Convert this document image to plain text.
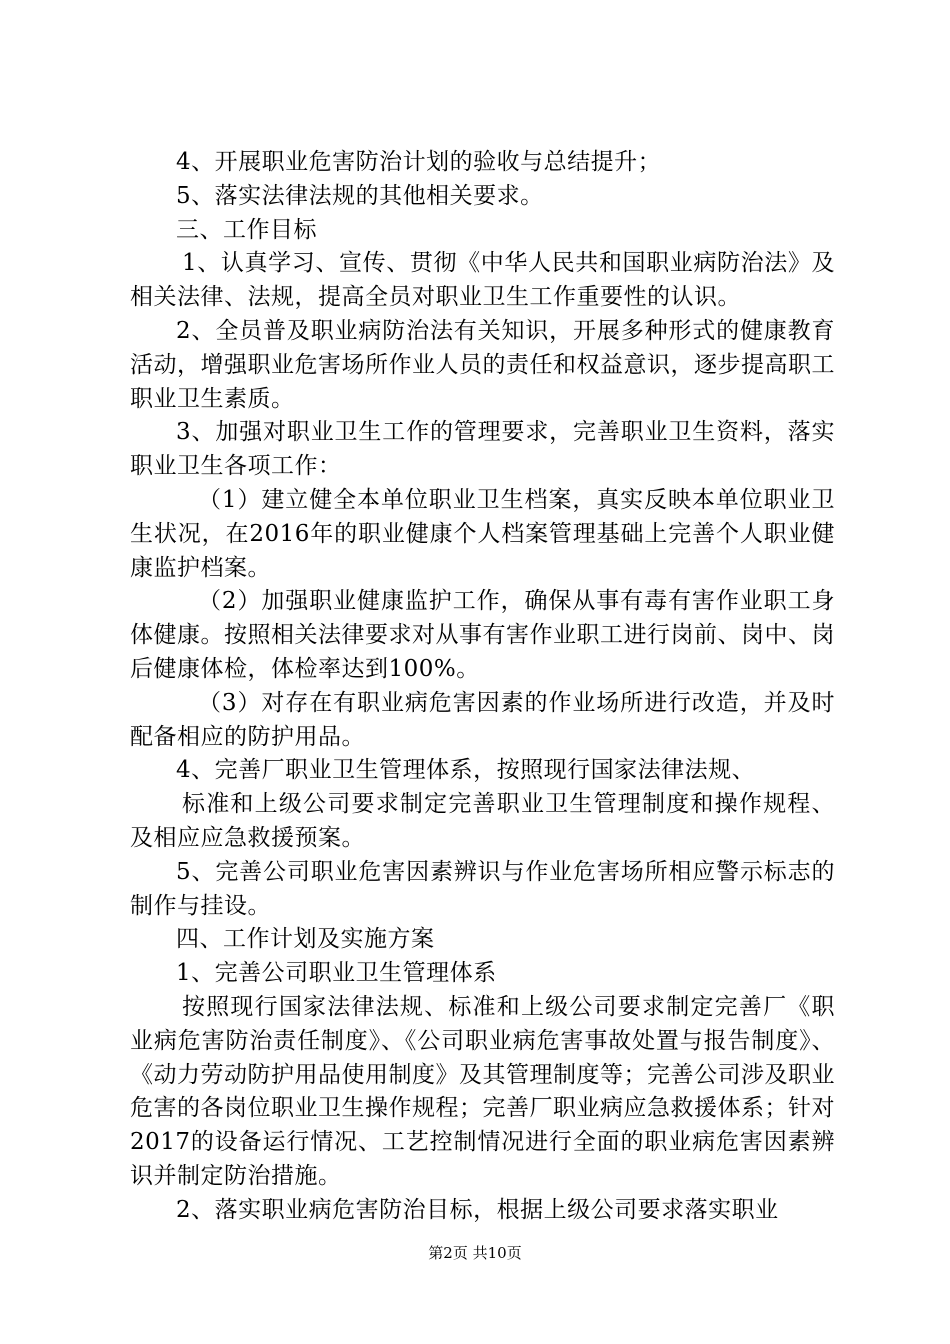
4、开展职业危害防治计划的验收与总结提升；

5、落实法律法规的其他相关要求。

三、工作目标

1、认真学习、宣传、贯彻《中华人民共和国职业病防治法》及相关法律、法规，提高全员对职业卫生工作重要性的认识。

2、全员普及职业病防治法有关知识，开展多种形式的健康教育活动，增强职业危害场所作业人员的责任和权益意识，逐步提高职工职业卫生素质。

3、加强对职业卫生工作的管理要求，完善职业卫生资料，落实职业卫生各项工作：

（1）建立健全本单位职业卫生档案，真实反映本单位职业卫生状况，在2016年的职业健康个人档案管理基础上完善个人职业健康监护档案。

（2）加强职业健康监护工作，确保从事有毒有害作业职工身体健康。按照相关法律要求对从事有害作业职工进行岗前、岗中、岗后健康体检，体检率达到100%。

（3）对存在有职业病危害因素的作业场所进行改造，并及时配备相应的防护用品。

4、完善厂职业卫生管理体系，按照现行国家法律法规、

标准和上级公司要求制定完善职业卫生管理制度和操作规程、及相应应急救援预案。

5、完善公司职业危害因素辨识与作业危害场所相应警示标志的制作与挂设。

四、工作计划及实施方案

1、完善公司职业卫生管理体系

按照现行国家法律法规、标准和上级公司要求制定完善厂《职业病危害防治责任制度》、《公司职业病危害事故处置与报告制度》、《动力劳动防护用品使用制度》及其管理制度等；完善公司涉及职业危害的各岗位职业卫生操作规程；完善厂职业病应急救援体系；针对2017的设备运行情况、工艺控制情况进行全面的职业病危害因素辨识并制定防治措施。

2、落实职业病危害防治目标，根据上级公司要求落实职业

第2页 共10页
